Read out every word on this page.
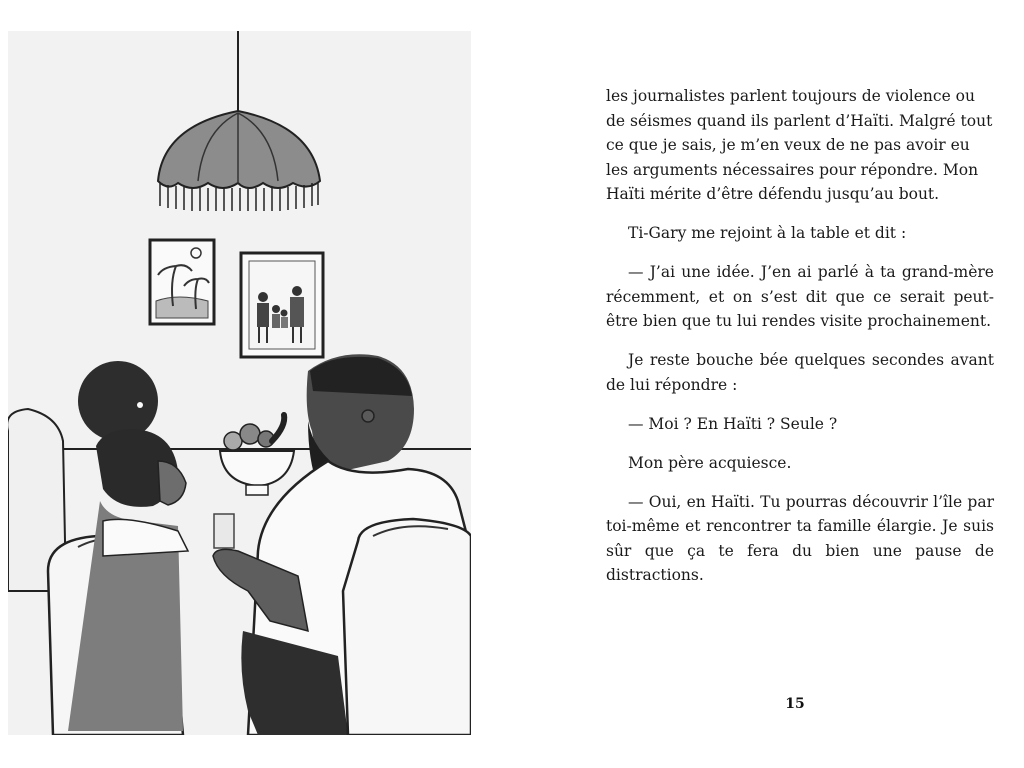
les journalistes parlent toujours de violence ou de séismes quand ils parlent d’Haïti. Malgré tout ce que je sais, je m’en veux de ne pas avoir eu les arguments nécessaires pour répondre. Mon Haïti mérite d’être défendu jusqu’au bout.

Ti-Gary me rejoint à la table et dit :

— J’ai une idée. J’en ai parlé à ta grand-mère récemment, et on s’est dit que ce serait peut-être bien que tu lui rendes visite prochainement.

Je reste bouche bée quelques secondes avant de lui répondre :

— Moi ? En Haïti ? Seule ?

Mon père acquiesce.

— Oui, en Haïti. Tu pourras découvrir l’île par toi-même et rencontrer ta famille élargie. Je suis sûr que ça te fera du bien une pause de distractions.

15
